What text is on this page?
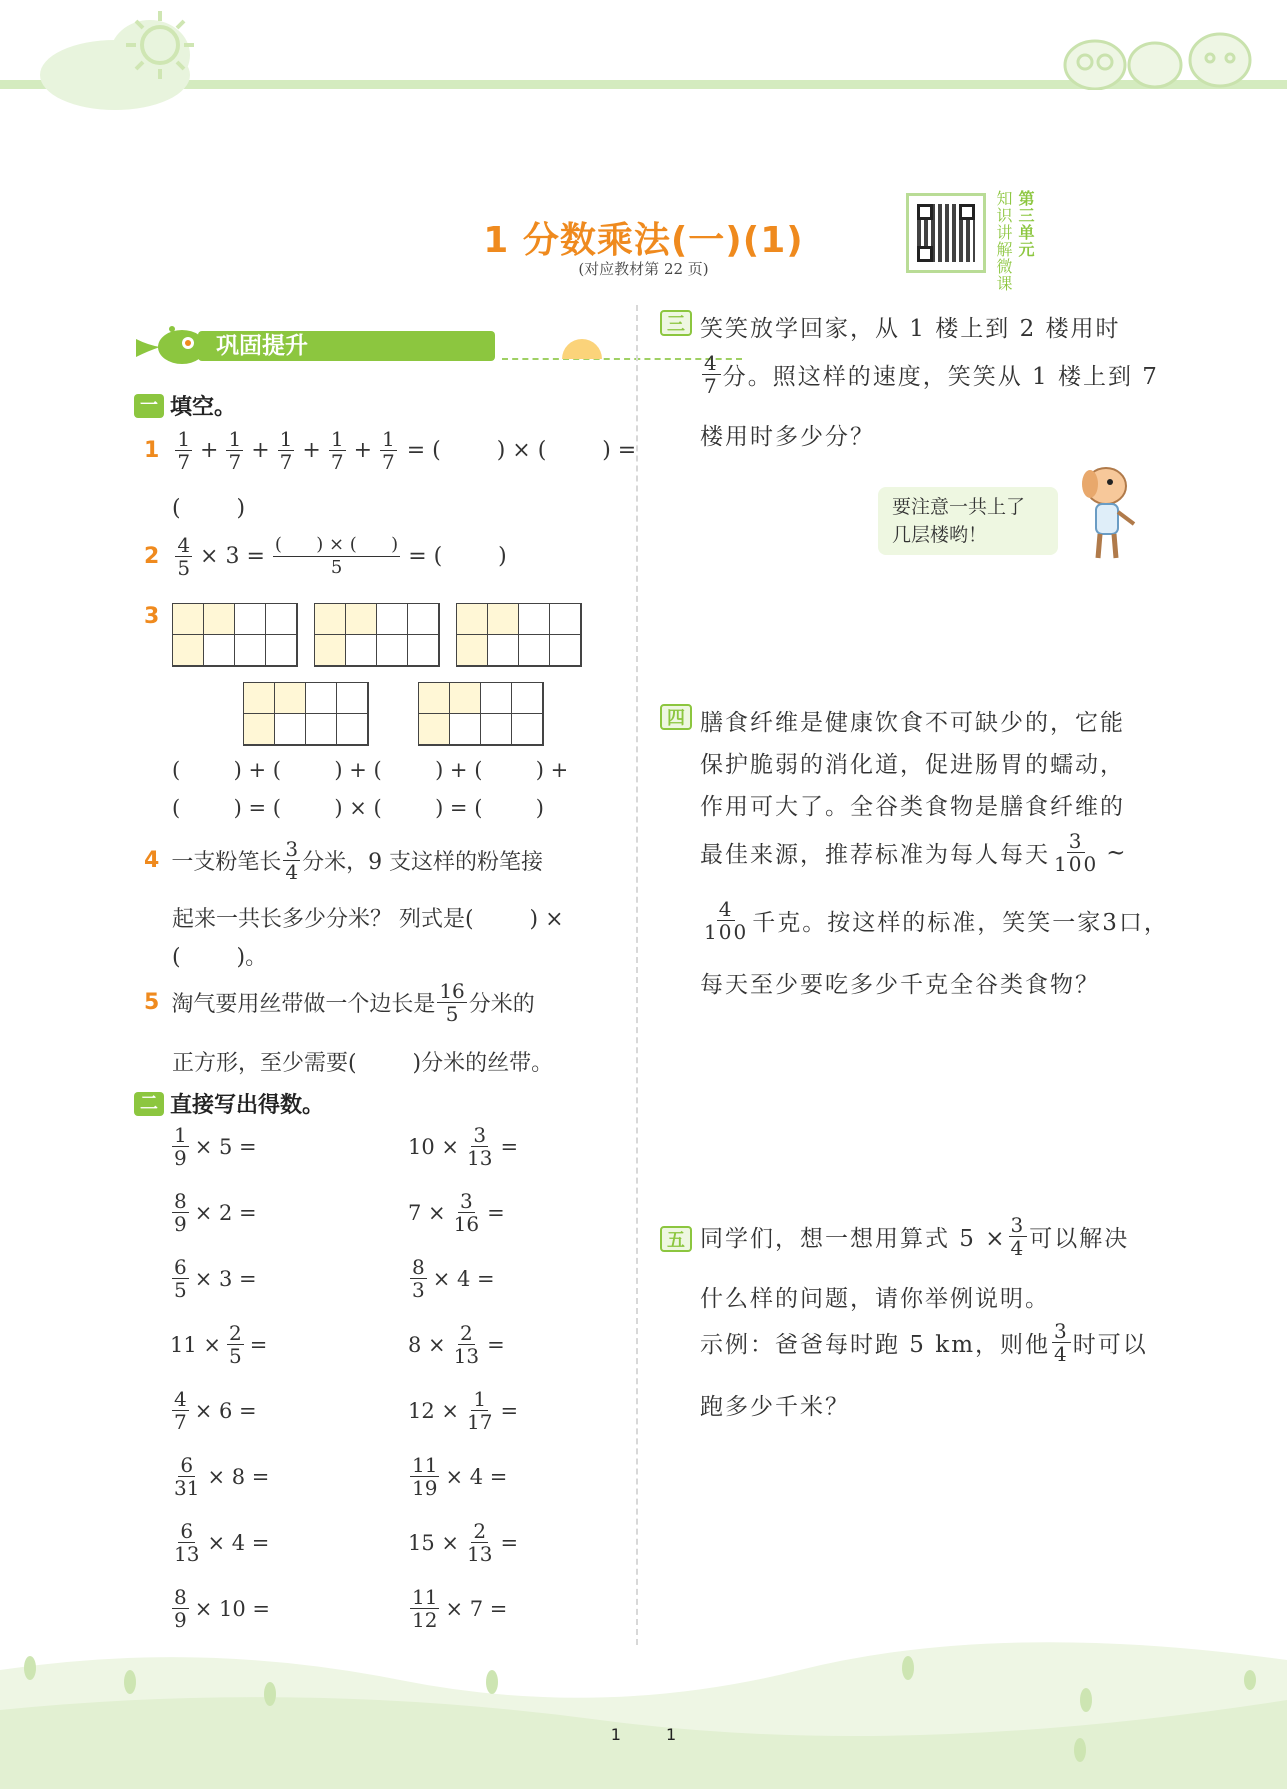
1 分数乘法(一)(1)
(对应教材第 22 页)	知识讲解微课 第三单元
巩固提升
一 填空。
$1 \frac{1}{7} + \frac{1}{7} + \frac{1}{7} + \frac{1}{7} + \frac{1}{7}$ = (        ) × (        ) =
(        )
$2 \frac{4}{5} \times 3 = \frac{( ) \times ( )}{5}$ = (        )
3
(        ) + (        ) + (        ) + (        ) +
(        ) = (        ) × (        ) = (        )
4 一支粉笔长 $\frac{3}{4}$ 分米，9 支这样的粉笔接
起来一共长多少分米？ 列式是(        ) ×
(        )。
5 淘气要用丝带做一个边长是 $\frac{16}{5}$ 分米的
正方形，至少需要(        )分米的丝带。
二 直接写出得数。
三 笑笑放学回家，从 1 楼上到 2 楼用时
$\frac{4}{7}$ 分。照这样的速度，笑笑从 1 楼上到 7
楼用时多少分？
要注意一共上了
几层楼哟！
四 膳食纤维是健康饮食不可缺少的，它能
保护脆弱的消化道，促进肠胃的蠕动，
作用可大了。全谷类食物是膳食纤维的
最佳来源，推荐标准为每人每天 $\frac{3}{100}$ ~
$\frac{4}{100}$ 千克。按这样的标准，笑笑一家3口，
每天至少要吃多少千克全谷类食物？
五 同学们，想一想用算式 $5 \times \frac{3}{4}$ 可以解决
什么样的问题，请你举例说明。
示例：爸爸每时跑 5 km，则他 $\frac{3}{4}$ 时可以
跑多少千米？
1	1
$\frac{1}{9} \times 5$ =
$\frac{8}{9} \times 2$ =
$\frac{6}{5} \times 3$ =
$11 \times \frac{2}{5}$ =
$\frac{4}{7} \times 6$ =
$\frac{6}{31} \times 8$ =
$\frac{6}{13} \times 4$ =
$\frac{8}{9} \times 10$ =
$10 \times \frac{3}{13}$ =
$7 \times \frac{3}{16}$ =
$\frac{8}{3} \times 4$ =
$8 \times \frac{2}{13}$ =
$12 \times \frac{1}{17}$ =
$\frac{11}{19} \times 4$ =
$15 \times \frac{2}{13}$ =
$\frac{11}{12} \times 7$ =
